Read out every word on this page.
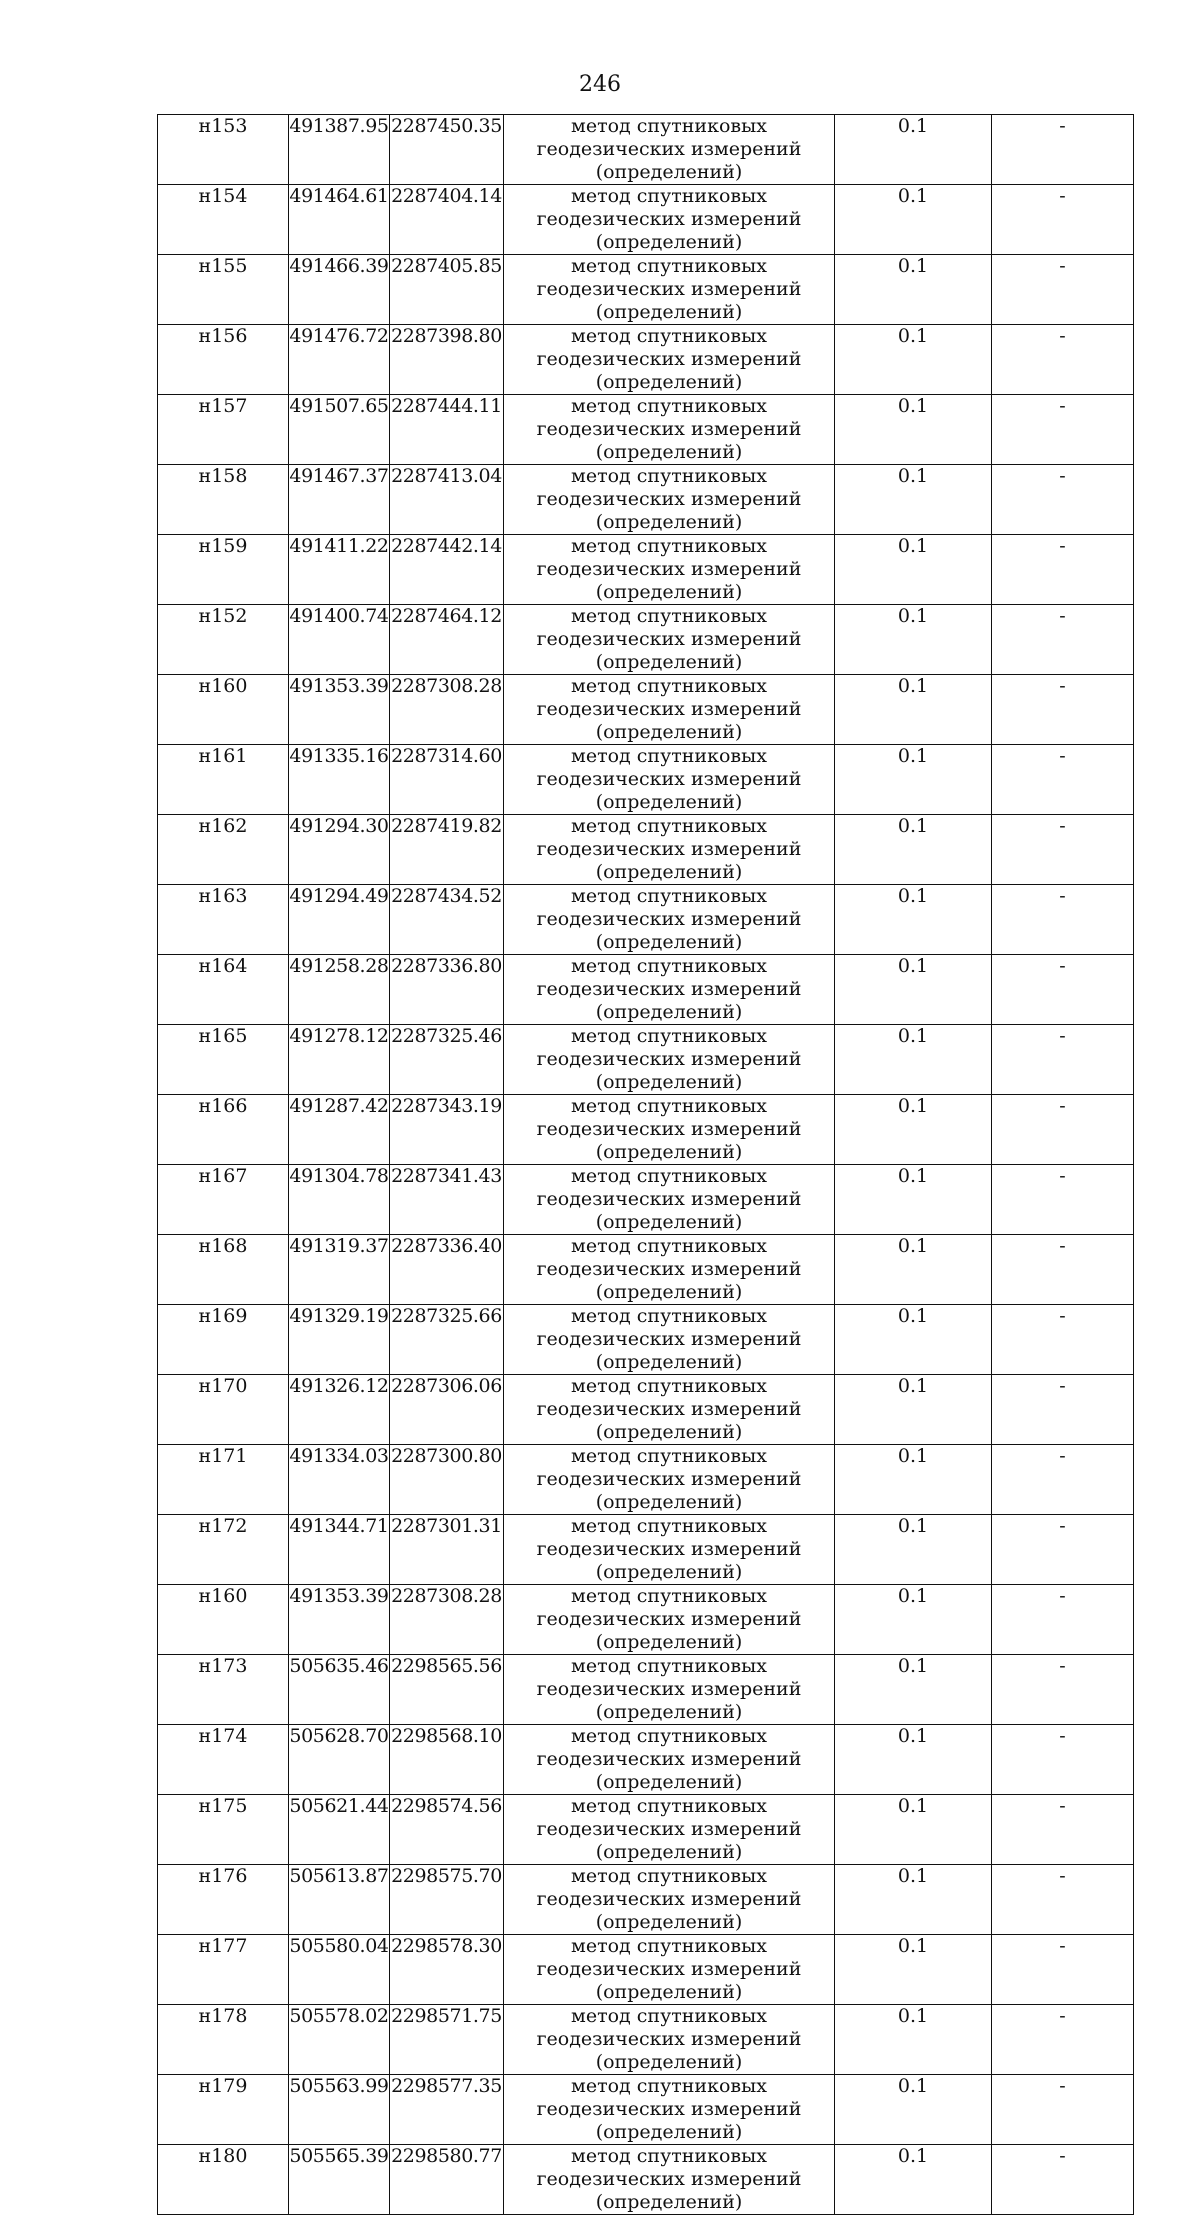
246
н153	491387.95	2287450.35	метод спутниковых геодезических измерений (определений)	0.1	-
н154	491464.61	2287404.14	метод спутниковых геодезических измерений (определений)	0.1	-
н155	491466.39	2287405.85	метод спутниковых геодезических измерений (определений)	0.1	-
н156	491476.72	2287398.80	метод спутниковых геодезических измерений (определений)	0.1	-
н157	491507.65	2287444.11	метод спутниковых геодезических измерений (определений)	0.1	-
н158	491467.37	2287413.04	метод спутниковых геодезических измерений (определений)	0.1	-
н159	491411.22	2287442.14	метод спутниковых геодезических измерений (определений)	0.1	-
н152	491400.74	2287464.12	метод спутниковых геодезических измерений (определений)	0.1	-
н160	491353.39	2287308.28	метод спутниковых геодезических измерений (определений)	0.1	-
н161	491335.16	2287314.60	метод спутниковых геодезических измерений (определений)	0.1	-
н162	491294.30	2287419.82	метод спутниковых геодезических измерений (определений)	0.1	-
н163	491294.49	2287434.52	метод спутниковых геодезических измерений (определений)	0.1	-
н164	491258.28	2287336.80	метод спутниковых геодезических измерений (определений)	0.1	-
н165	491278.12	2287325.46	метод спутниковых геодезических измерений (определений)	0.1	-
н166	491287.42	2287343.19	метод спутниковых геодезических измерений (определений)	0.1	-
н167	491304.78	2287341.43	метод спутниковых геодезических измерений (определений)	0.1	-
н168	491319.37	2287336.40	метод спутниковых геодезических измерений (определений)	0.1	-
н169	491329.19	2287325.66	метод спутниковых геодезических измерений (определений)	0.1	-
н170	491326.12	2287306.06	метод спутниковых геодезических измерений (определений)	0.1	-
н171	491334.03	2287300.80	метод спутниковых геодезических измерений (определений)	0.1	-
н172	491344.71	2287301.31	метод спутниковых геодезических измерений (определений)	0.1	-
н160	491353.39	2287308.28	метод спутниковых геодезических измерений (определений)	0.1	-
н173	505635.46	2298565.56	метод спутниковых геодезических измерений (определений)	0.1	-
н174	505628.70	2298568.10	метод спутниковых геодезических измерений (определений)	0.1	-
н175	505621.44	2298574.56	метод спутниковых геодезических измерений (определений)	0.1	-
н176	505613.87	2298575.70	метод спутниковых геодезических измерений (определений)	0.1	-
н177	505580.04	2298578.30	метод спутниковых геодезических измерений (определений)	0.1	-
н178	505578.02	2298571.75	метод спутниковых геодезических измерений (определений)	0.1	-
н179	505563.99	2298577.35	метод спутниковых геодезических измерений (определений)	0.1	-
н180	505565.39	2298580.77	метод спутниковых геодезических измерений (определений)	0.1	-
